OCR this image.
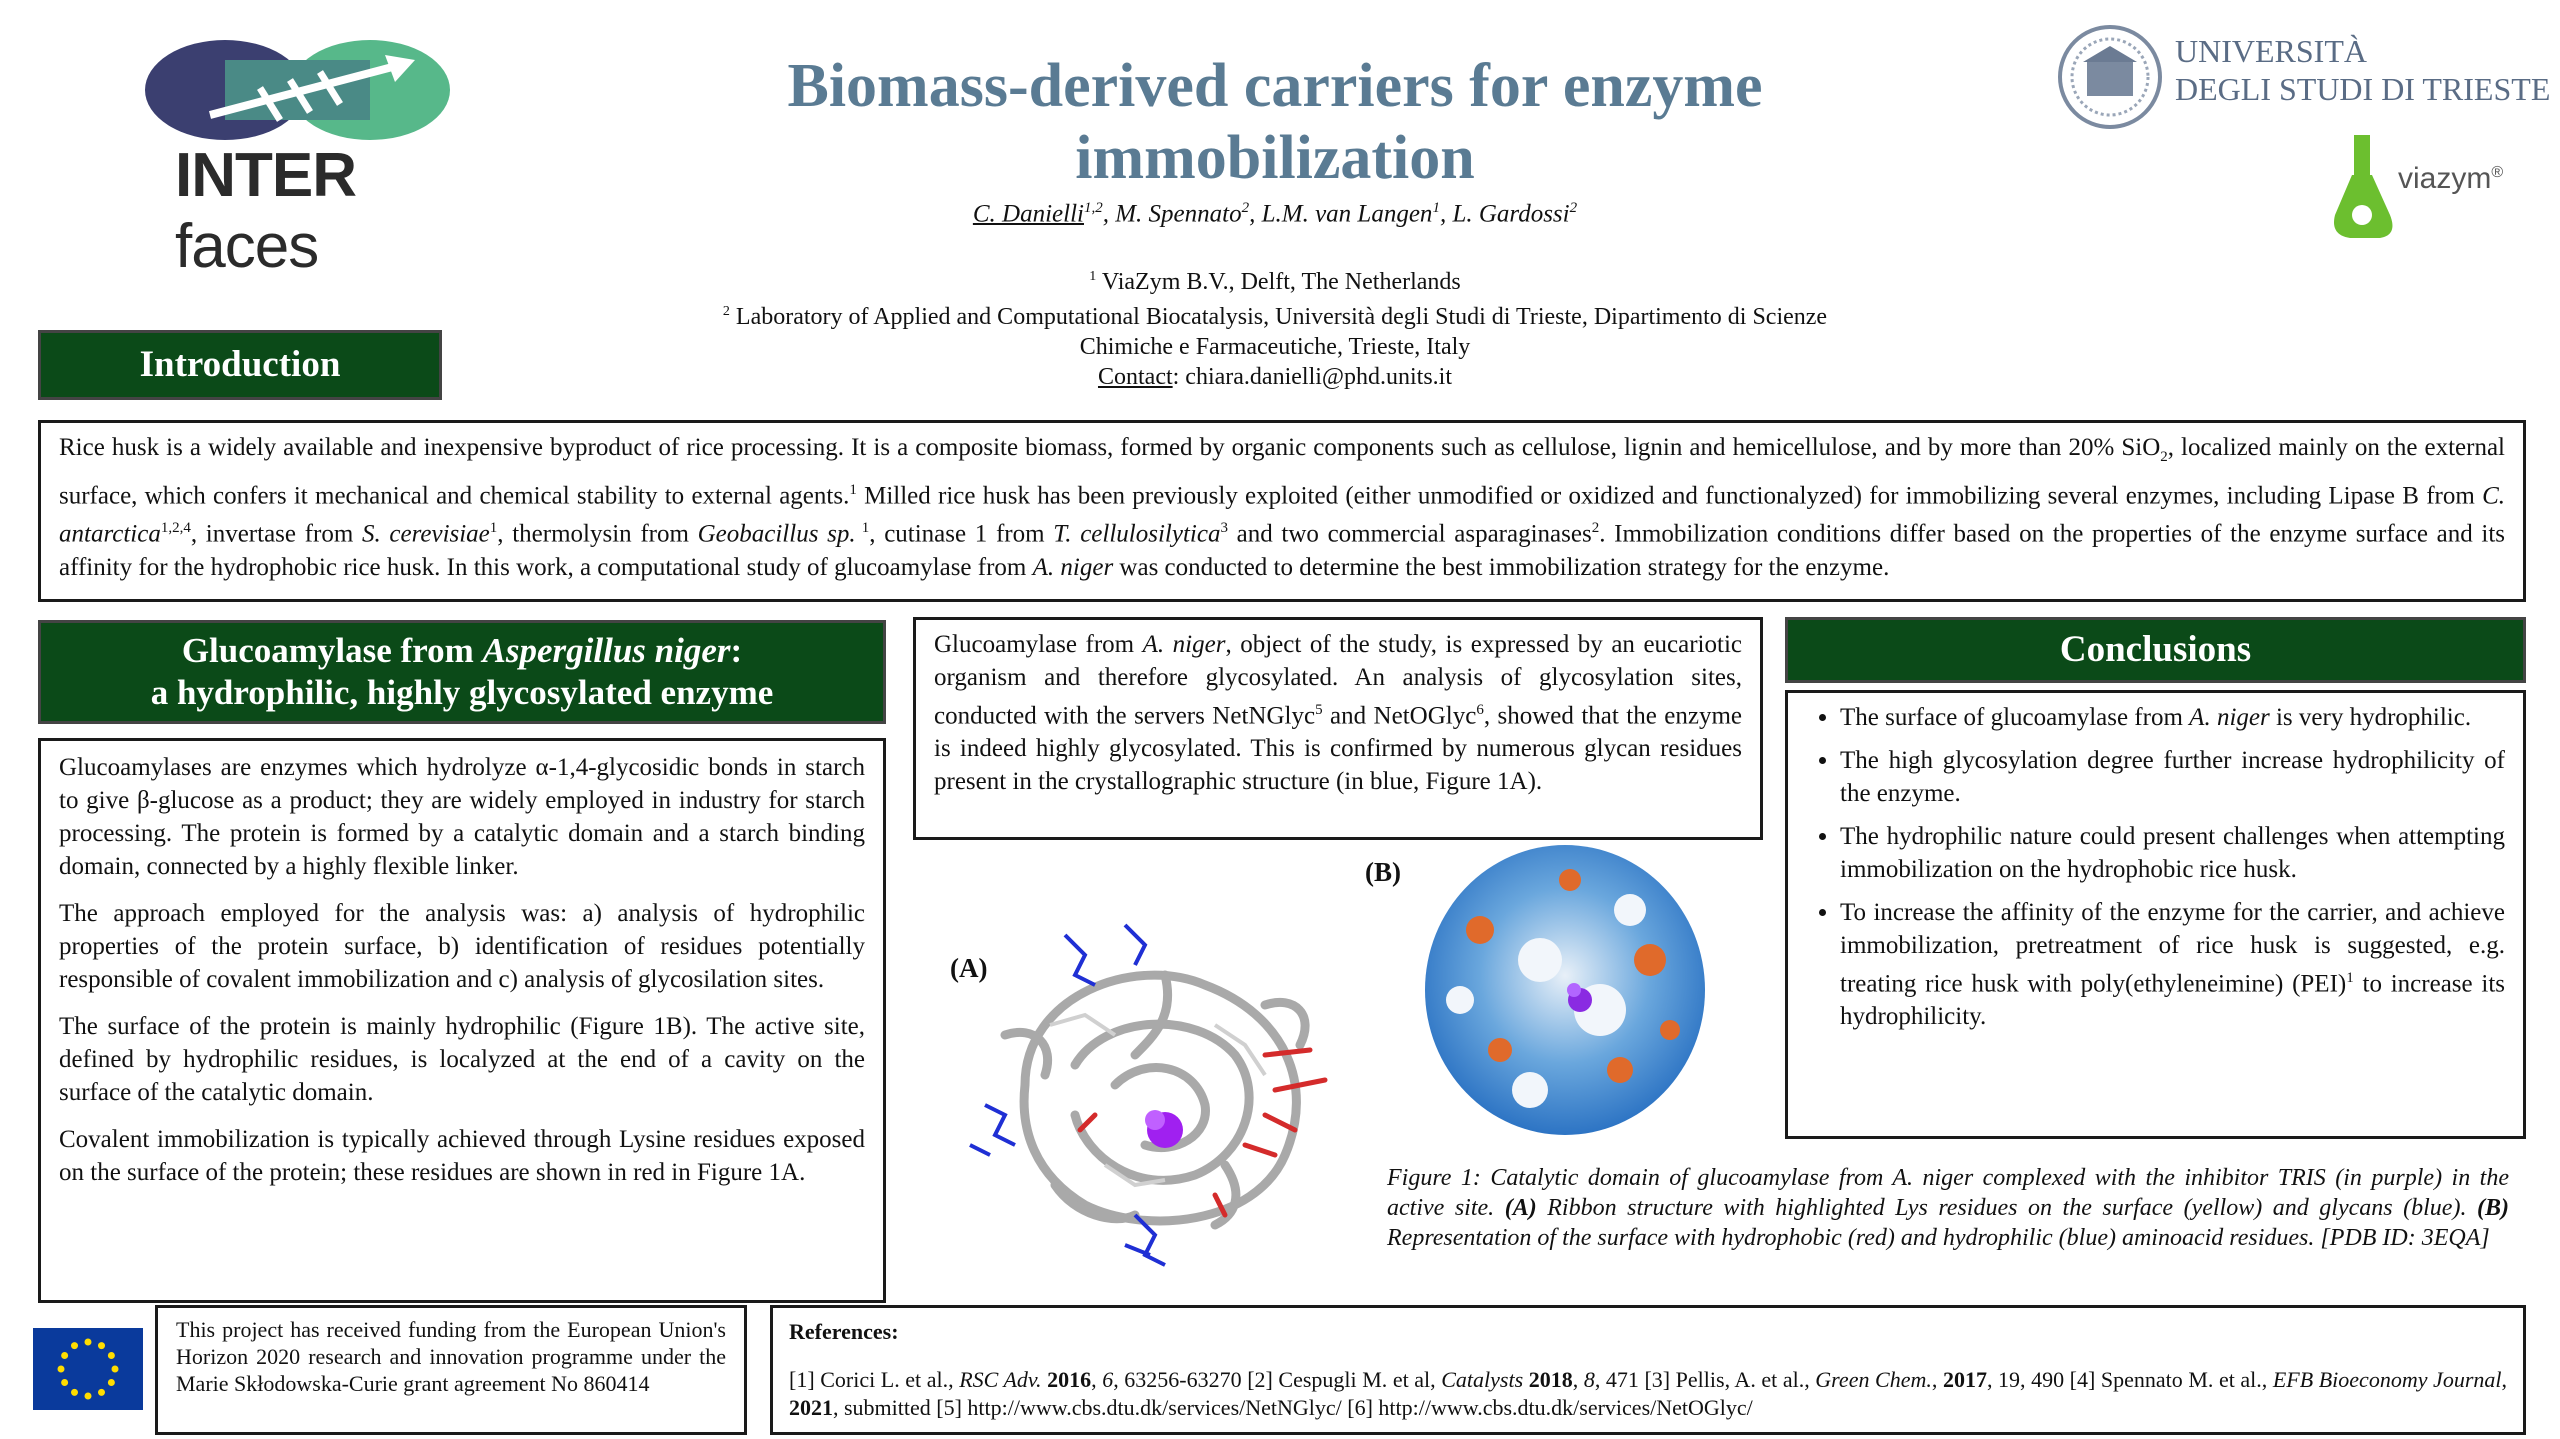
INTER faces
UNIVERSITÀ
DEGLI STUDI DI TRIESTE
viazym®
Biomass-derived carriers for enzyme
immobilization
C. Danielli$^{1,2}$, M. Spennato$^2$, L.M. van Langen$^1$, L. Gardossi$^2$
$^1$ ViaZym B.V., Delft, The Netherlands
$^2$ Laboratory of Applied and Computational Biocatalysis, Università degli Studi di Trieste, Dipartimento di Scienze
Chimiche e Farmaceutiche, Trieste, Italy
Contact: chiara.danielli@phd.units.it
Introduction
Rice husk is a widely available and inexpensive byproduct of rice processing. It is a composite biomass, formed by organic components such as cellulose, lignin and hemicellulose, and by more than 20% SiO$_2$, localized mainly on the external surface, which confers it mechanical and chemical stability to external agents.$^1$ Milled rice husk has been previously exploited (either unmodified or oxidized and functionalyzed) for immobilizing several enzymes, including Lipase B from C. antarctica$^{1,2,4}$, invertase from S. cerevisiae$^1$, thermolysin from Geobacillus sp. $^1$, cutinase 1 from T. cellulosilytica$^3$ and two commercial asparaginases$^2$. Immobilization conditions differ based on the properties of the enzyme surface and its affinity for the hydrophobic rice husk. In this work, a computational study of glucoamylase from A. niger was conducted to determine the best immobilization strategy for the enzyme.
Glucoamylase from Aspergillus niger:
a hydrophilic, highly glycosylated enzyme

Glucoamylases are enzymes which hydrolyze α-1,4-glycosidic bonds in starch to give β-glucose as a product; they are widely employed in industry for starch processing. The protein is formed by a catalytic domain and a starch binding domain, connected by a highly flexible linker.

The approach employed for the analysis was: a) analysis of hydrophilic properties of the protein surface, b) identification of residues potentially responsible of covalent immobilization and c) analysis of glycosilation sites.

The surface of the protein is mainly hydrophilic (Figure 1B). The active site, defined by hydrophilic residues, is localyzed at the end of a cavity on the surface of the catalytic domain.

Covalent immobilization is typically achieved through Lysine residues exposed on the surface of the protein; these residues are shown in red in Figure 1A.

Glucoamylase from A. niger, object of the study, is expressed by an eucariotic organism and therefore glycosylated. An analysis of glycosylation sites, conducted with the servers NetNGlyc$^5$ and NetOGlyc$^6$, showed that the enzyme is indeed highly glycosylated. This is confirmed by numerous glycan residues present in the crystallographic structure (in blue, Figure 1A).
(A)
(B)
Figure 1: Catalytic domain of glucoamylase from A. niger complexed with the inhibitor TRIS (in purple) in the active site. (A) Ribbon structure with highlighted Lys residues on the surface (yellow) and glycans (blue). (B) Representation of the surface with hydrophobic (red) and hydrophilic (blue) aminoacid residues. [PDB ID: 3EQA]
Conclusions
• The surface of glucoamylase from A. niger is very hydrophilic.
• The high glycosylation degree further increase hydrophilicity of the enzyme.
• The hydrophilic nature could present challenges when attempting immobilization on the hydrophobic rice husk.
• To increase the affinity of the enzyme for the carrier, and achieve immobilization, pretreatment of rice husk is suggested, e.g. treating rice husk with poly(ethyleneimine) (PEI)$^1$ to increase its hydrophilicity.
This project has received funding from the European Union's Horizon 2020 research and innovation programme under the Marie Skłodowska-Curie grant agreement No 860414
References:
[1] Corici L. et al., RSC Adv. 2016, 6, 63256-63270 [2] Cespugli M. et al, Catalysts 2018, 8, 471 [3] Pellis, A. et al., Green Chem., 2017, 19, 490 [4] Spennato M. et al., EFB Bioeconomy Journal, 2021, submitted [5] http://www.cbs.dtu.dk/services/NetNGlyc/ [6] http://www.cbs.dtu.dk/services/NetOGlyc/
